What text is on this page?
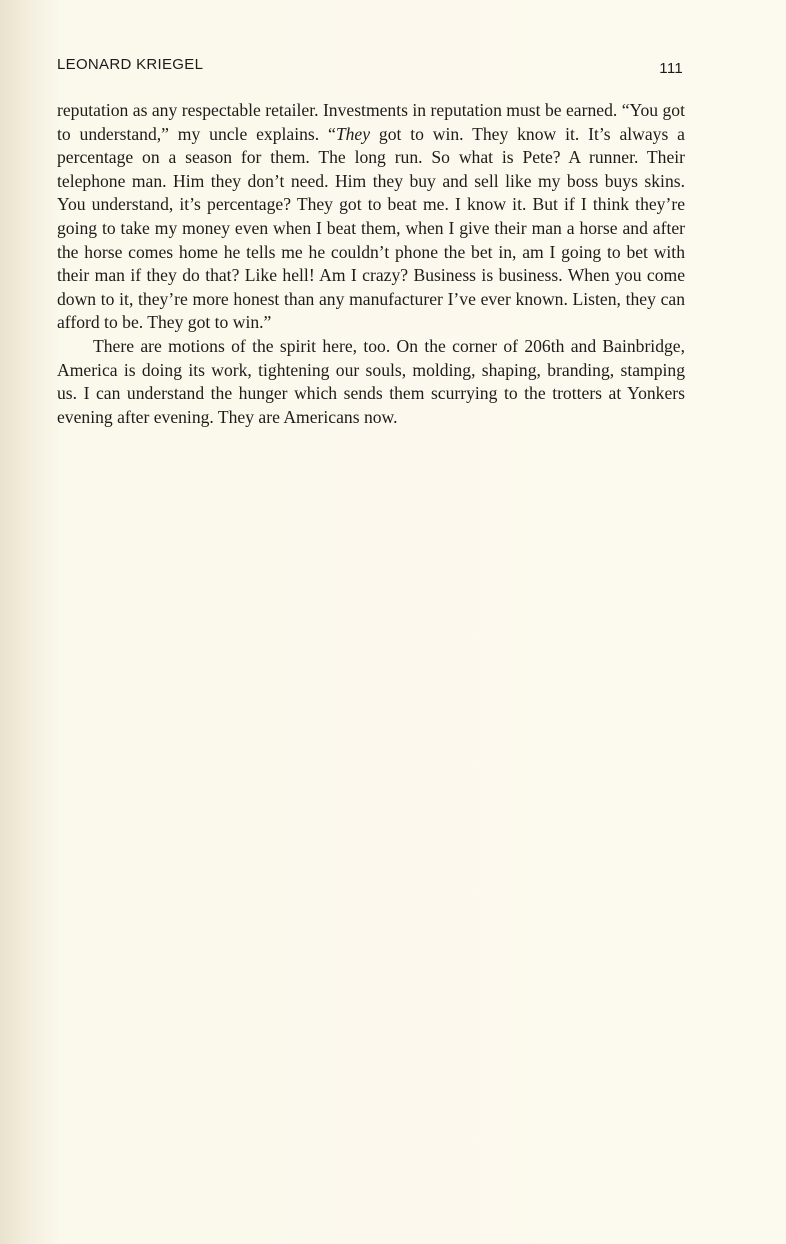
LEONARD KRIEGEL	111

reputation as any respectable retailer. Investments in reputation must be earned. “You got to understand,” my uncle explains. “They got to win. They know it. It’s always a percentage on a season for them. The long run. So what is Pete? A runner. Their telephone man. Him they don’t need. Him they buy and sell like my boss buys skins. You understand, it’s percentage? They got to beat me. I know it. But if I think they’re going to take my money even when I beat them, when I give their man a horse and after the horse comes home he tells me he couldn’t phone the bet in, am I going to bet with their man if they do that? Like hell! Am I crazy? Business is business. When you come down to it, they’re more honest than any manufacturer I’ve ever known. Listen, they can afford to be. They got to win.”

There are motions of the spirit here, too. On the corner of 206th and Bainbridge, America is doing its work, tightening our souls, molding, shaping, branding, stamping us. I can understand the hunger which sends them scurrying to the trotters at Yonkers evening after evening. They are Americans now.
